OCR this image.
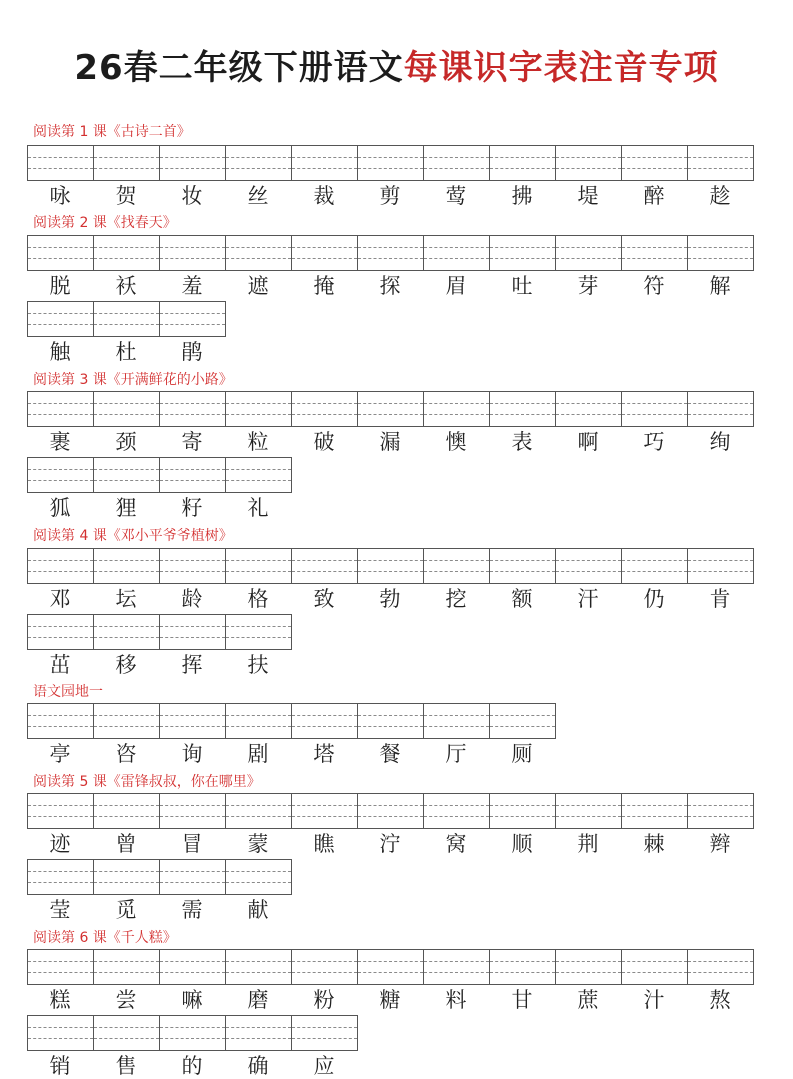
26春二年级下册语文每课识字表注音专项
阅读第 1 课《古诗二首》
咏	贺	妆	丝	裁	剪	莺	拂	堤	醉	趁
阅读第 2 课《找春天》
脱	袄	羞	遮	掩	探	眉	吐	芽	符	解
触	杜	鹃
阅读第 3 课《开满鲜花的小路》
裹	颈	寄	粒	破	漏	懊	表	啊	巧	绚
狐	狸	籽	礼
阅读第 4 课《邓小平爷爷植树》
邓	坛	龄	格	致	勃	挖	额	汗	仍	肯
茁	移	挥	扶
语文园地一
亭	咨	询	剧	塔	餐	厅	厕
阅读第 5 课《雷锋叔叔，你在哪里》
迹	曾	冒	蒙	瞧	泞	窝	顺	荆	棘	辫
莹	觅	需	献
阅读第 6 课《千人糕》
糕	尝	嘛	磨	粉	糖	料	甘	蔗	汁	熬
销	售	的	确	应
